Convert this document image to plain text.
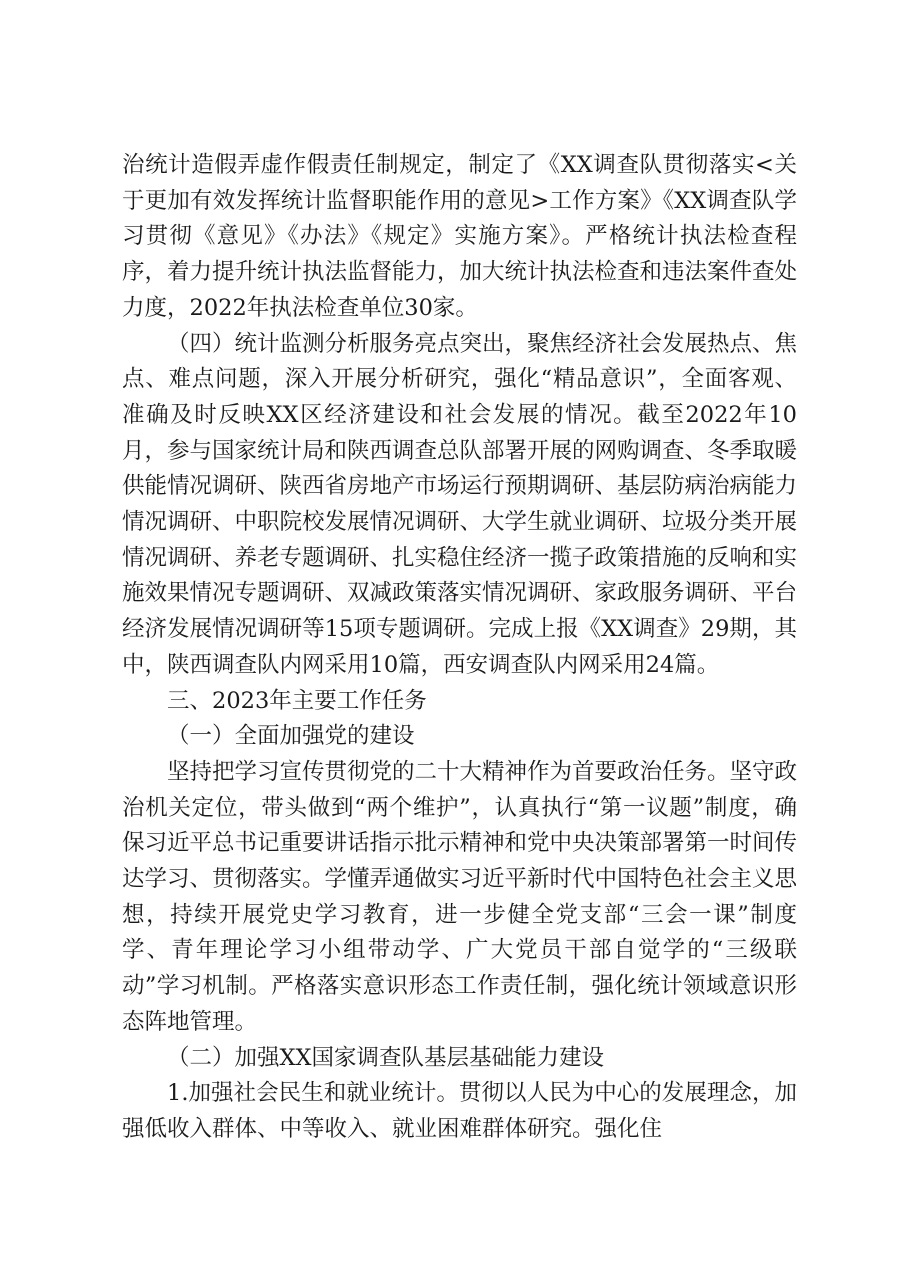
治统计造假弄虚作假责任制规定，制定了《XX调查队贯彻落实<关于更加有效发挥统计监督职能作用的意见>工作方案》《XX调查队学习贯彻《意见》《办法》《规定》实施方案》。严格统计执法检查程序，着力提升统计执法监督能力，加大统计执法检查和违法案件查处力度，2022年执法检查单位30家。

（四）统计监测分析服务亮点突出，聚焦经济社会发展热点、焦点、难点问题，深入开展分析研究，强化“精品意识”，全面客观、准确及时反映XX区经济建设和社会发展的情况。截至2022年10月，参与国家统计局和陕西调查总队部署开展的网购调查、冬季取暖供能情况调研、陕西省房地产市场运行预期调研、基层防病治病能力情况调研、中职院校发展情况调研、大学生就业调研、垃圾分类开展情况调研、养老专题调研、扎实稳住经济一揽子政策措施的反响和实施效果情况专题调研、双减政策落实情况调研、家政服务调研、平台经济发展情况调研等15项专题调研。完成上报《XX调查》29期，其中，陕西调查队内网采用10篇，西安调查队内网采用24篇。

三、2023年主要工作任务

（一）全面加强党的建设

坚持把学习宣传贯彻党的二十大精神作为首要政治任务。坚守政治机关定位，带头做到“两个维护”，认真执行“第一议题”制度，确保习近平总书记重要讲话指示批示精神和党中央决策部署第一时间传达学习、贯彻落实。学懂弄通做实习近平新时代中国特色社会主义思想，持续开展党史学习教育，进一步健全党支部“三会一课”制度学、青年理论学习小组带动学、广大党员干部自觉学的“三级联动”学习机制。严格落实意识形态工作责任制，强化统计领域意识形态阵地管理。

（二）加强XX国家调查队基层基础能力建设

1.加强社会民生和就业统计。贯彻以人民为中心的发展理念，加强低收入群体、中等收入、就业困难群体研究。强化住
